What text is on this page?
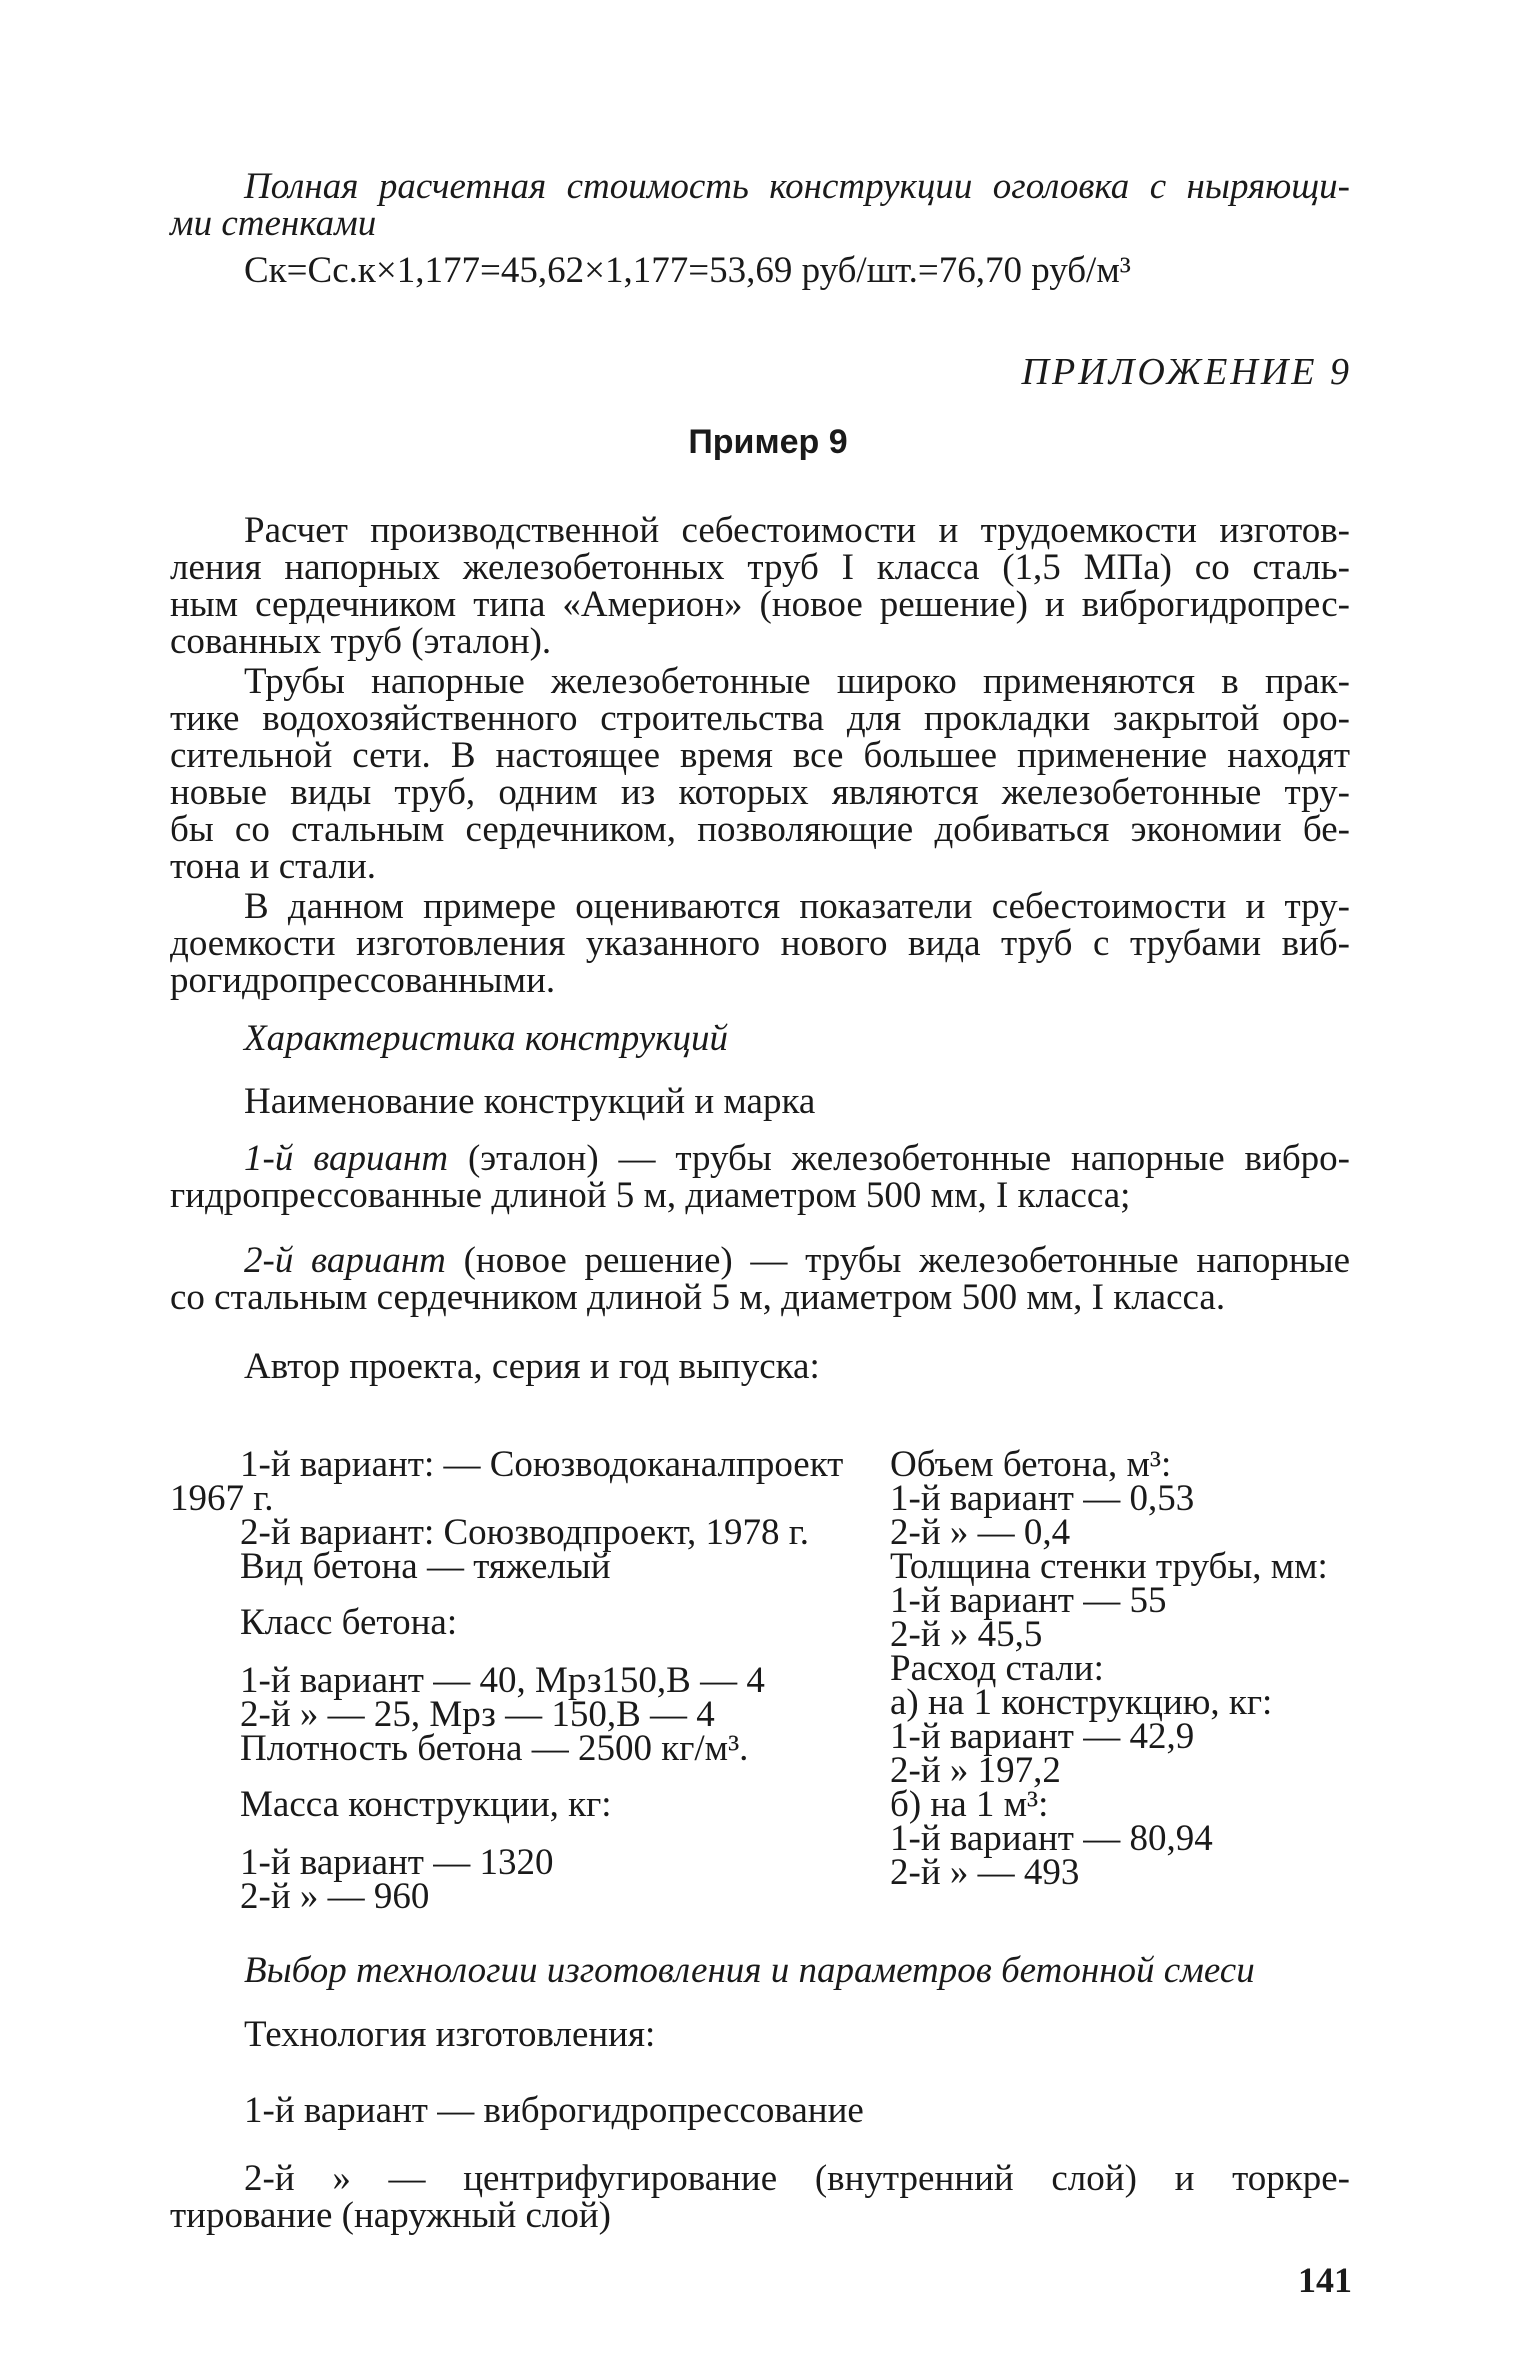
Полная расчетная стоимость конструкции оголовка с ныряющи-
ми стенками
Cк=Cс.к×1,177=45,62×1,177=53,69 руб/шт.=76,70 руб/м³
ПРИЛОЖЕНИЕ 9
Пример 9
Расчет производственной себестоимости и трудоемкости изготов-
ления напорных железобетонных труб I класса (1,5 МПа) со сталь-
ным сердечником типа «Америон» (новое решение) и виброгидропрес-
сованных труб (эталон).
Трубы напорные железобетонные широко применяются в прак-
тике водохозяйственного строительства для прокладки закрытой оро-
сительной сети. В настоящее время все большее применение находят
новые виды труб, одним из которых являются железобетонные тру-
бы со стальным сердечником, позволяющие добиваться экономии бе-
тона и стали.
В данном примере оцениваются показатели себестоимости и тру-
доемкости изготовления указанного нового вида труб с трубами виб-
рогидропрессованными.
Характеристика конструкций
Наименование конструкций и марка
1-й вариант (эталон) — трубы железобетонные напорные вибро-
гидропрессованные длиной 5 м, диаметром 500 мм, I класса;
2-й вариант (новое решение) — трубы железобетонные напорные
со стальным сердечником длиной 5 м, диаметром 500 мм, I класса.
Автор проекта, серия и год выпуска:
1-й вариант: — Союзводоканалпроект
1967 г.
2-й вариант: Союзводпроект, 1978 г.
Вид бетона — тяжелый
Класс бетона:
1-й вариант — 40, Мрз150,В — 4
2-й » — 25, Мрз — 150,В — 4
Плотность бетона — 2500 кг/м³.
Масса конструкции, кг:
1-й вариант — 1320
2-й » — 960
Объем бетона, м³:
1-й вариант — 0,53
2-й » — 0,4
Толщина стенки трубы, мм:
1-й вариант — 55
2-й » 45,5
Расход стали:
а) на 1 конструкцию, кг:
1-й вариант — 42,9
2-й » 197,2
б) на 1 м³:
1-й вариант — 80,94
2-й » — 493
Выбор технологии изготовления и параметров бетонной смеси
Технология изготовления:
1-й вариант — виброгидропрессование
2-й » — центрифугирование (внутренний слой) и торкре-
тирование (наружный слой)
141
